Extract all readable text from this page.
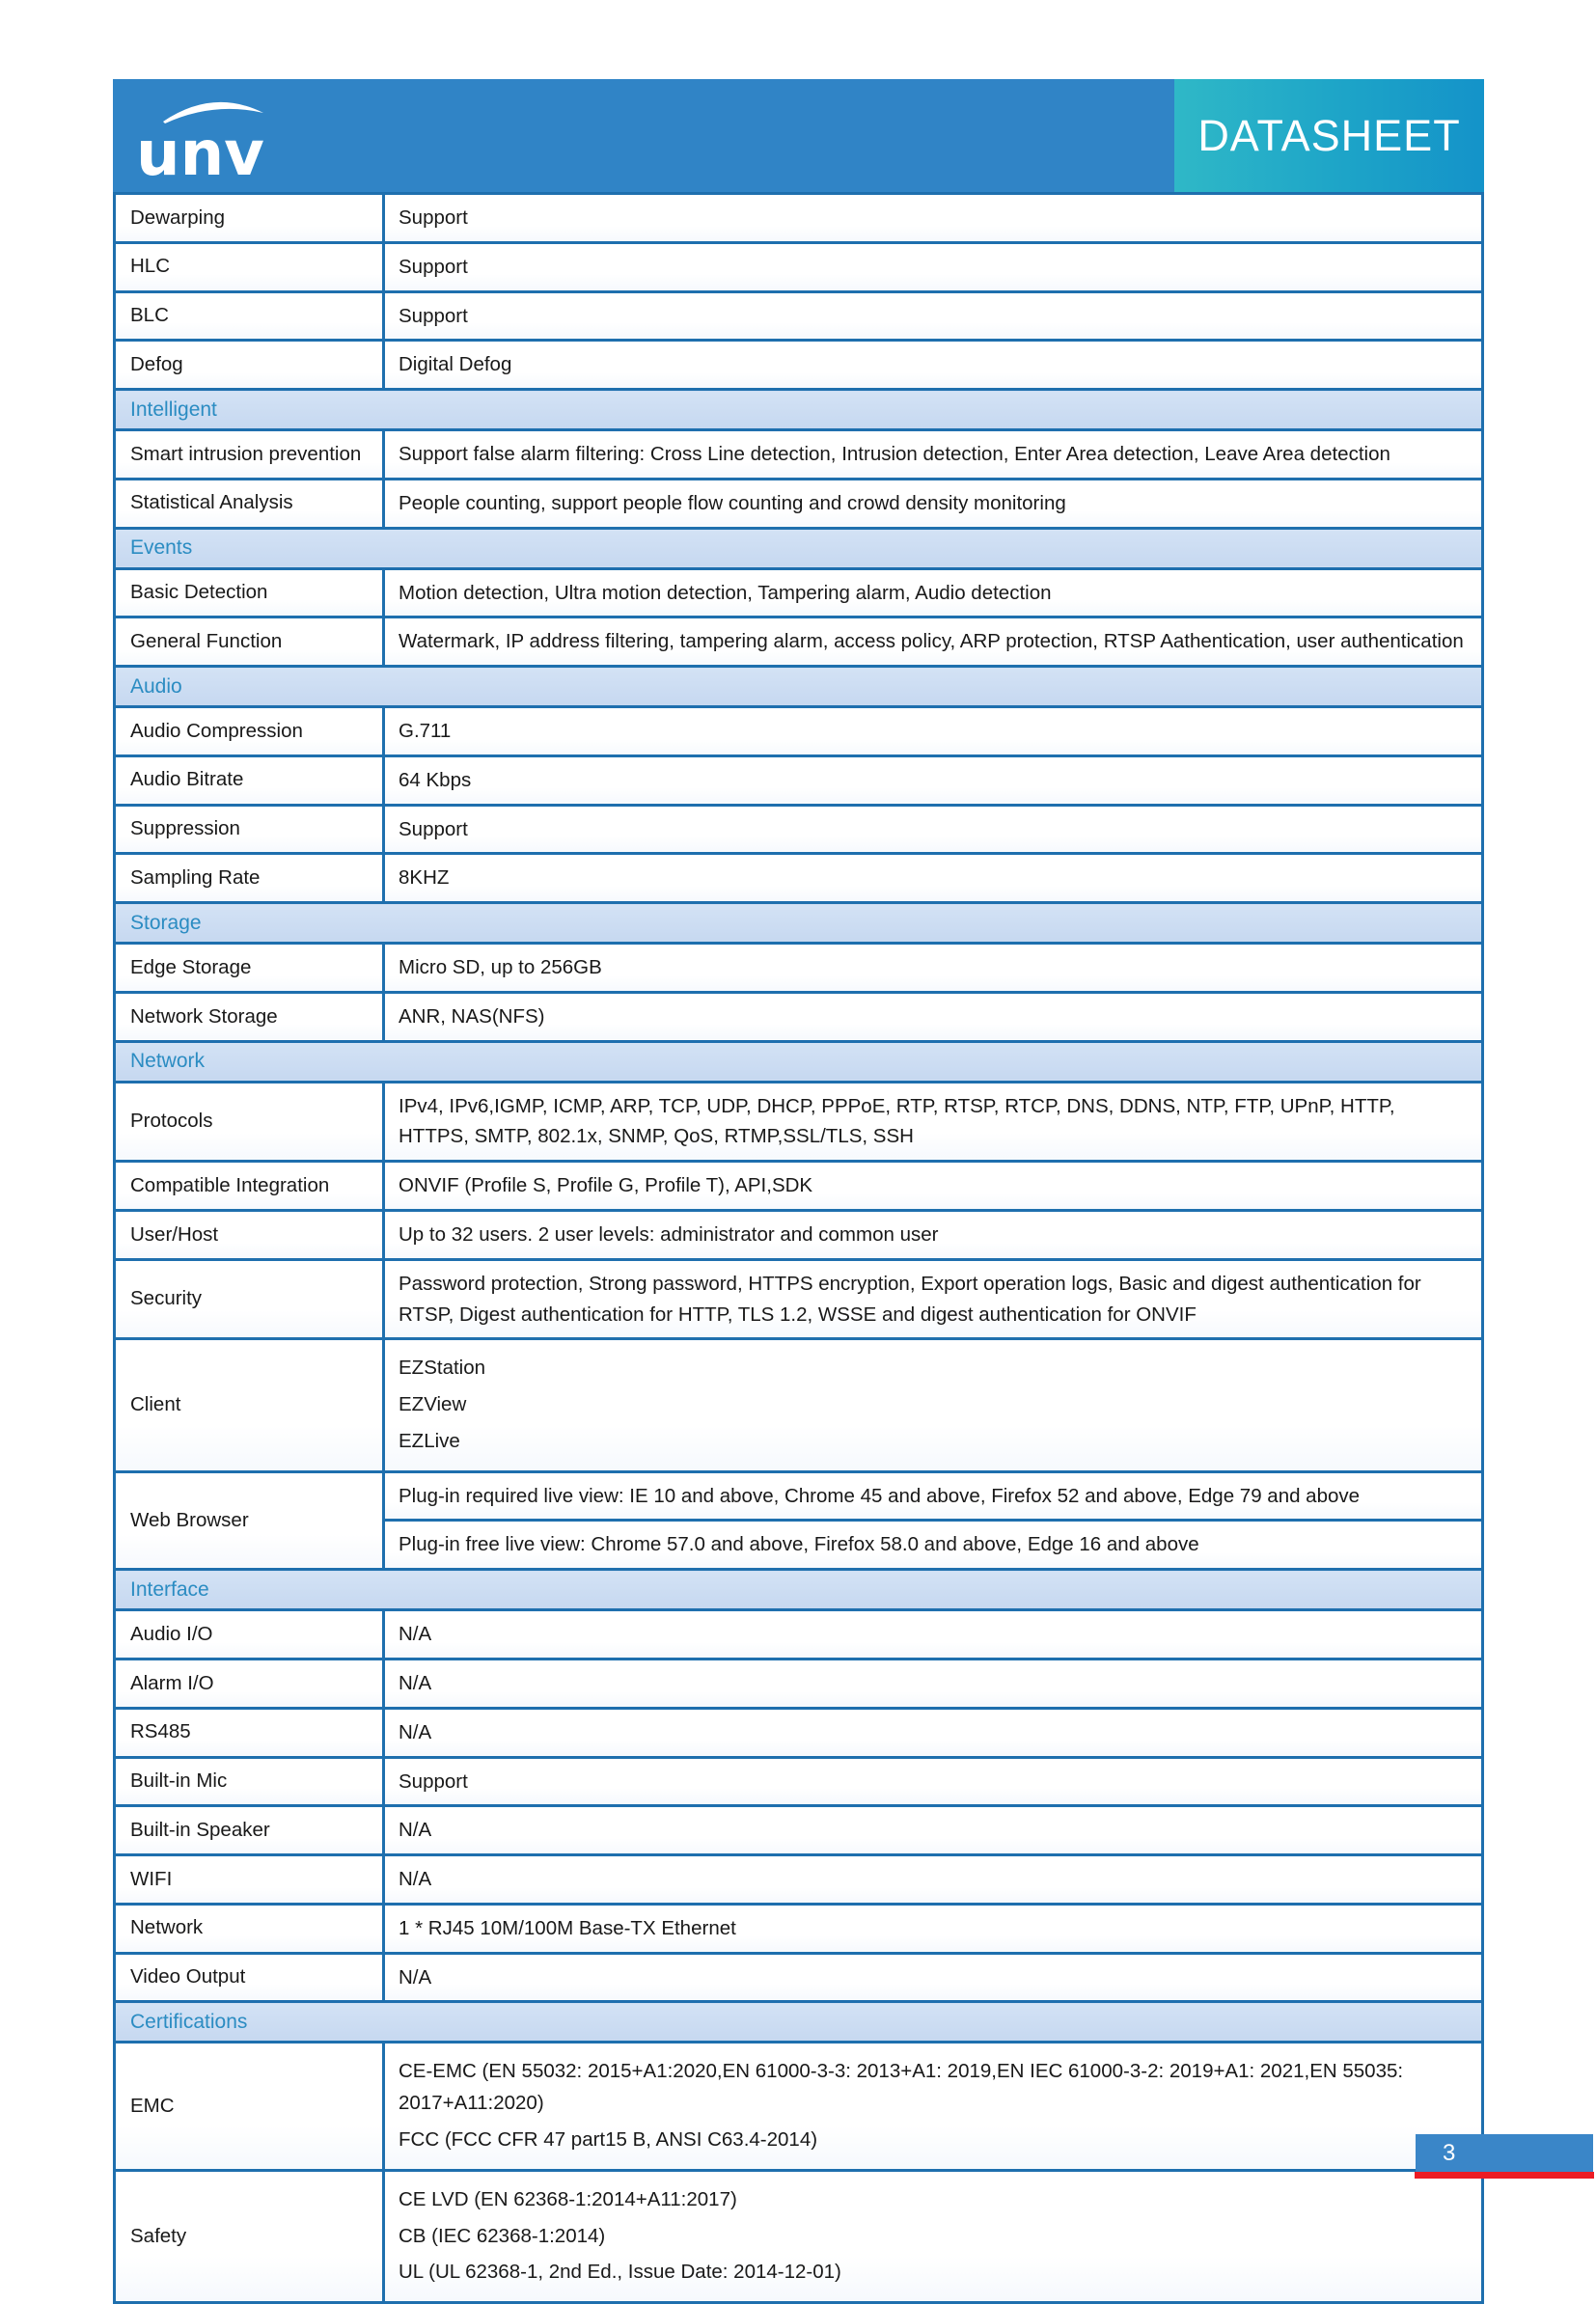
unv	DATASHEET
Dewarping	Support
HLC	Support
BLC	Support
Defog	Digital Defog
Intelligent	
Smart intrusion prevention	Support false alarm filtering: Cross Line detection, Intrusion detection, Enter Area detection, Leave Area detection
Statistical Analysis	People counting, support people flow counting and crowd density monitoring
Events	
Basic Detection	Motion detection, Ultra motion detection, Tampering alarm, Audio detection
General Function	Watermark, IP address filtering, tampering alarm, access policy, ARP protection, RTSP Aathentication, user authentication
Audio	
Audio Compression	G.711
Audio Bitrate	64 Kbps
Suppression	Support
Sampling Rate	8KHZ
Storage	
Edge Storage	Micro SD, up to 256GB
Network Storage	ANR, NAS(NFS)
Network	
Protocols	IPv4, IPv6,IGMP, ICMP, ARP, TCP, UDP, DHCP, PPPoE, RTP, RTSP, RTCP, DNS, DDNS, NTP, FTP, UPnP, HTTP, HTTPS, SMTP, 802.1x, SNMP, QoS, RTMP,SSL/TLS, SSH
Compatible Integration	ONVIF (Profile S, Profile G, Profile T), API,SDK
User/Host	Up to 32 users. 2 user levels: administrator and common user
Security	Password protection, Strong password, HTTPS encryption, Export operation logs, Basic and digest authentication for RTSP, Digest authentication for HTTP, TLS 1.2, WSSE and digest authentication for ONVIF
Client	EZStation
EZView
EZLive

Web Browser	Plug-in required live view: IE 10 and above, Chrome 45 and above, Firefox 52 and above, Edge 79 and above
	Plug-in free live view: Chrome 57.0 and above, Firefox 58.0 and above, Edge 16 and above
Interface	
Audio I/O	N/A
Alarm I/O	N/A
RS485	N/A
Built-in Mic	Support
Built-in Speaker	N/A
WIFI	N/A
Network	1 * RJ45 10M/100M Base-TX Ethernet
Video Output	N/A
Certifications	
EMC	CE-EMC (EN 55032: 2015+A1:2020,EN 61000-3-3: 2013+A1: 2019,EN IEC 61000-3-2: 2019+A1: 2021,EN 55035: 2017+A11:2020)
FCC (FCC CFR 47 part15 B, ANSI C63.4-2014)

Safety	CE LVD (EN 62368-1:2014+A11:2017)
CB (IEC 62368-1:2014)
UL (UL 62368-1, 2nd Ed., Issue Date: 2014-12-01)
3
